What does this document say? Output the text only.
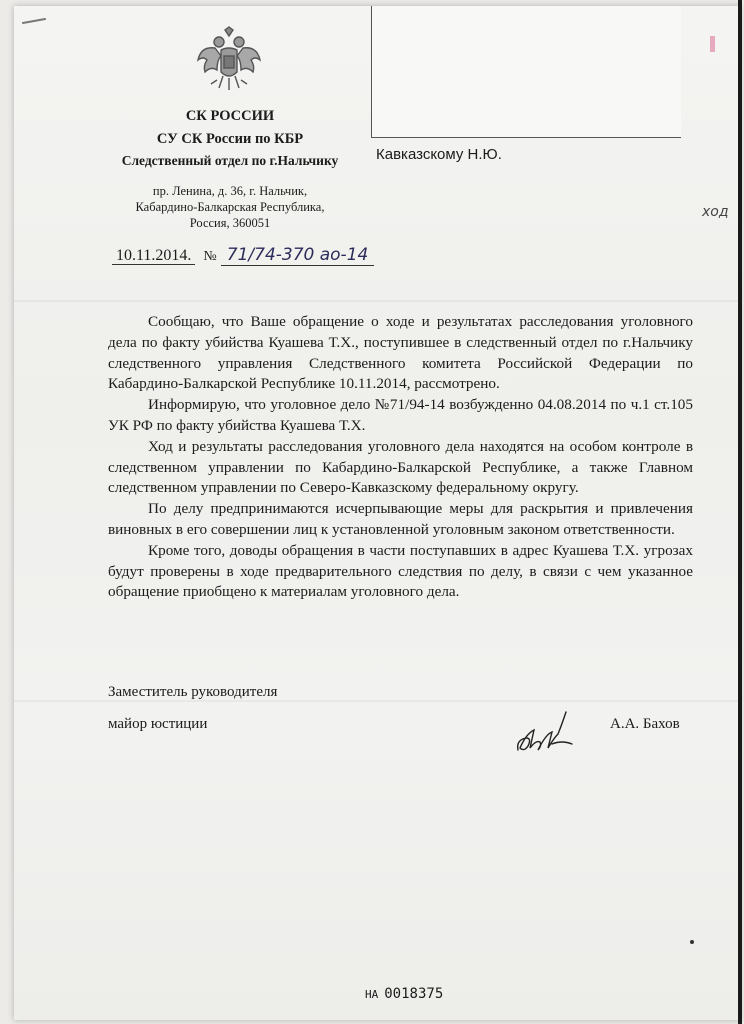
СК РОССИИ
СУ СК России по КБР
Следственный отдел по г.Нальчику
пр. Ленина, д. 36, г. Нальчик,
Кабардино-Балкарская Республика,
Россия, 360051
Кавказскому Н.Ю.
10.11.2014. № 71/74-370 ао-14

Сообщаю, что Ваше обращение о ходе и результатах расследования уголовного дела по факту убийства Куашева Т.Х., поступившее в следственный отдел по г.Нальчику следственного управления Следственного комитета Российской Федерации по Кабардино-Балкарской Республике 10.11.2014, рассмотрено.

Информирую, что уголовное дело №71/94-14 возбужденно 04.08.2014 по ч.1 ст.105 УК РФ по факту убийства Куашева Т.Х.

Ход и результаты расследования уголовного дела находятся на особом контроле в следственном управлении по Кабардино-Балкарской Республике, а также Главном следственном управлении по Северо-Кавказскому федеральному округу.

По делу предпринимаются исчерпывающие меры для раскрытия и привлечения виновных в его совершении лиц к установленной уголовным законом ответственности.

Кроме того, доводы обращения в части поступавших в адрес Куашева Т.Х. угрозах будут проверены в ходе предварительного следствия по делу, в связи с чем указанное обращение приобщено к материалам уголовного дела.

Заместитель руководителя
майор юстиции	А.А. Бахов
ход
НА 0018375
